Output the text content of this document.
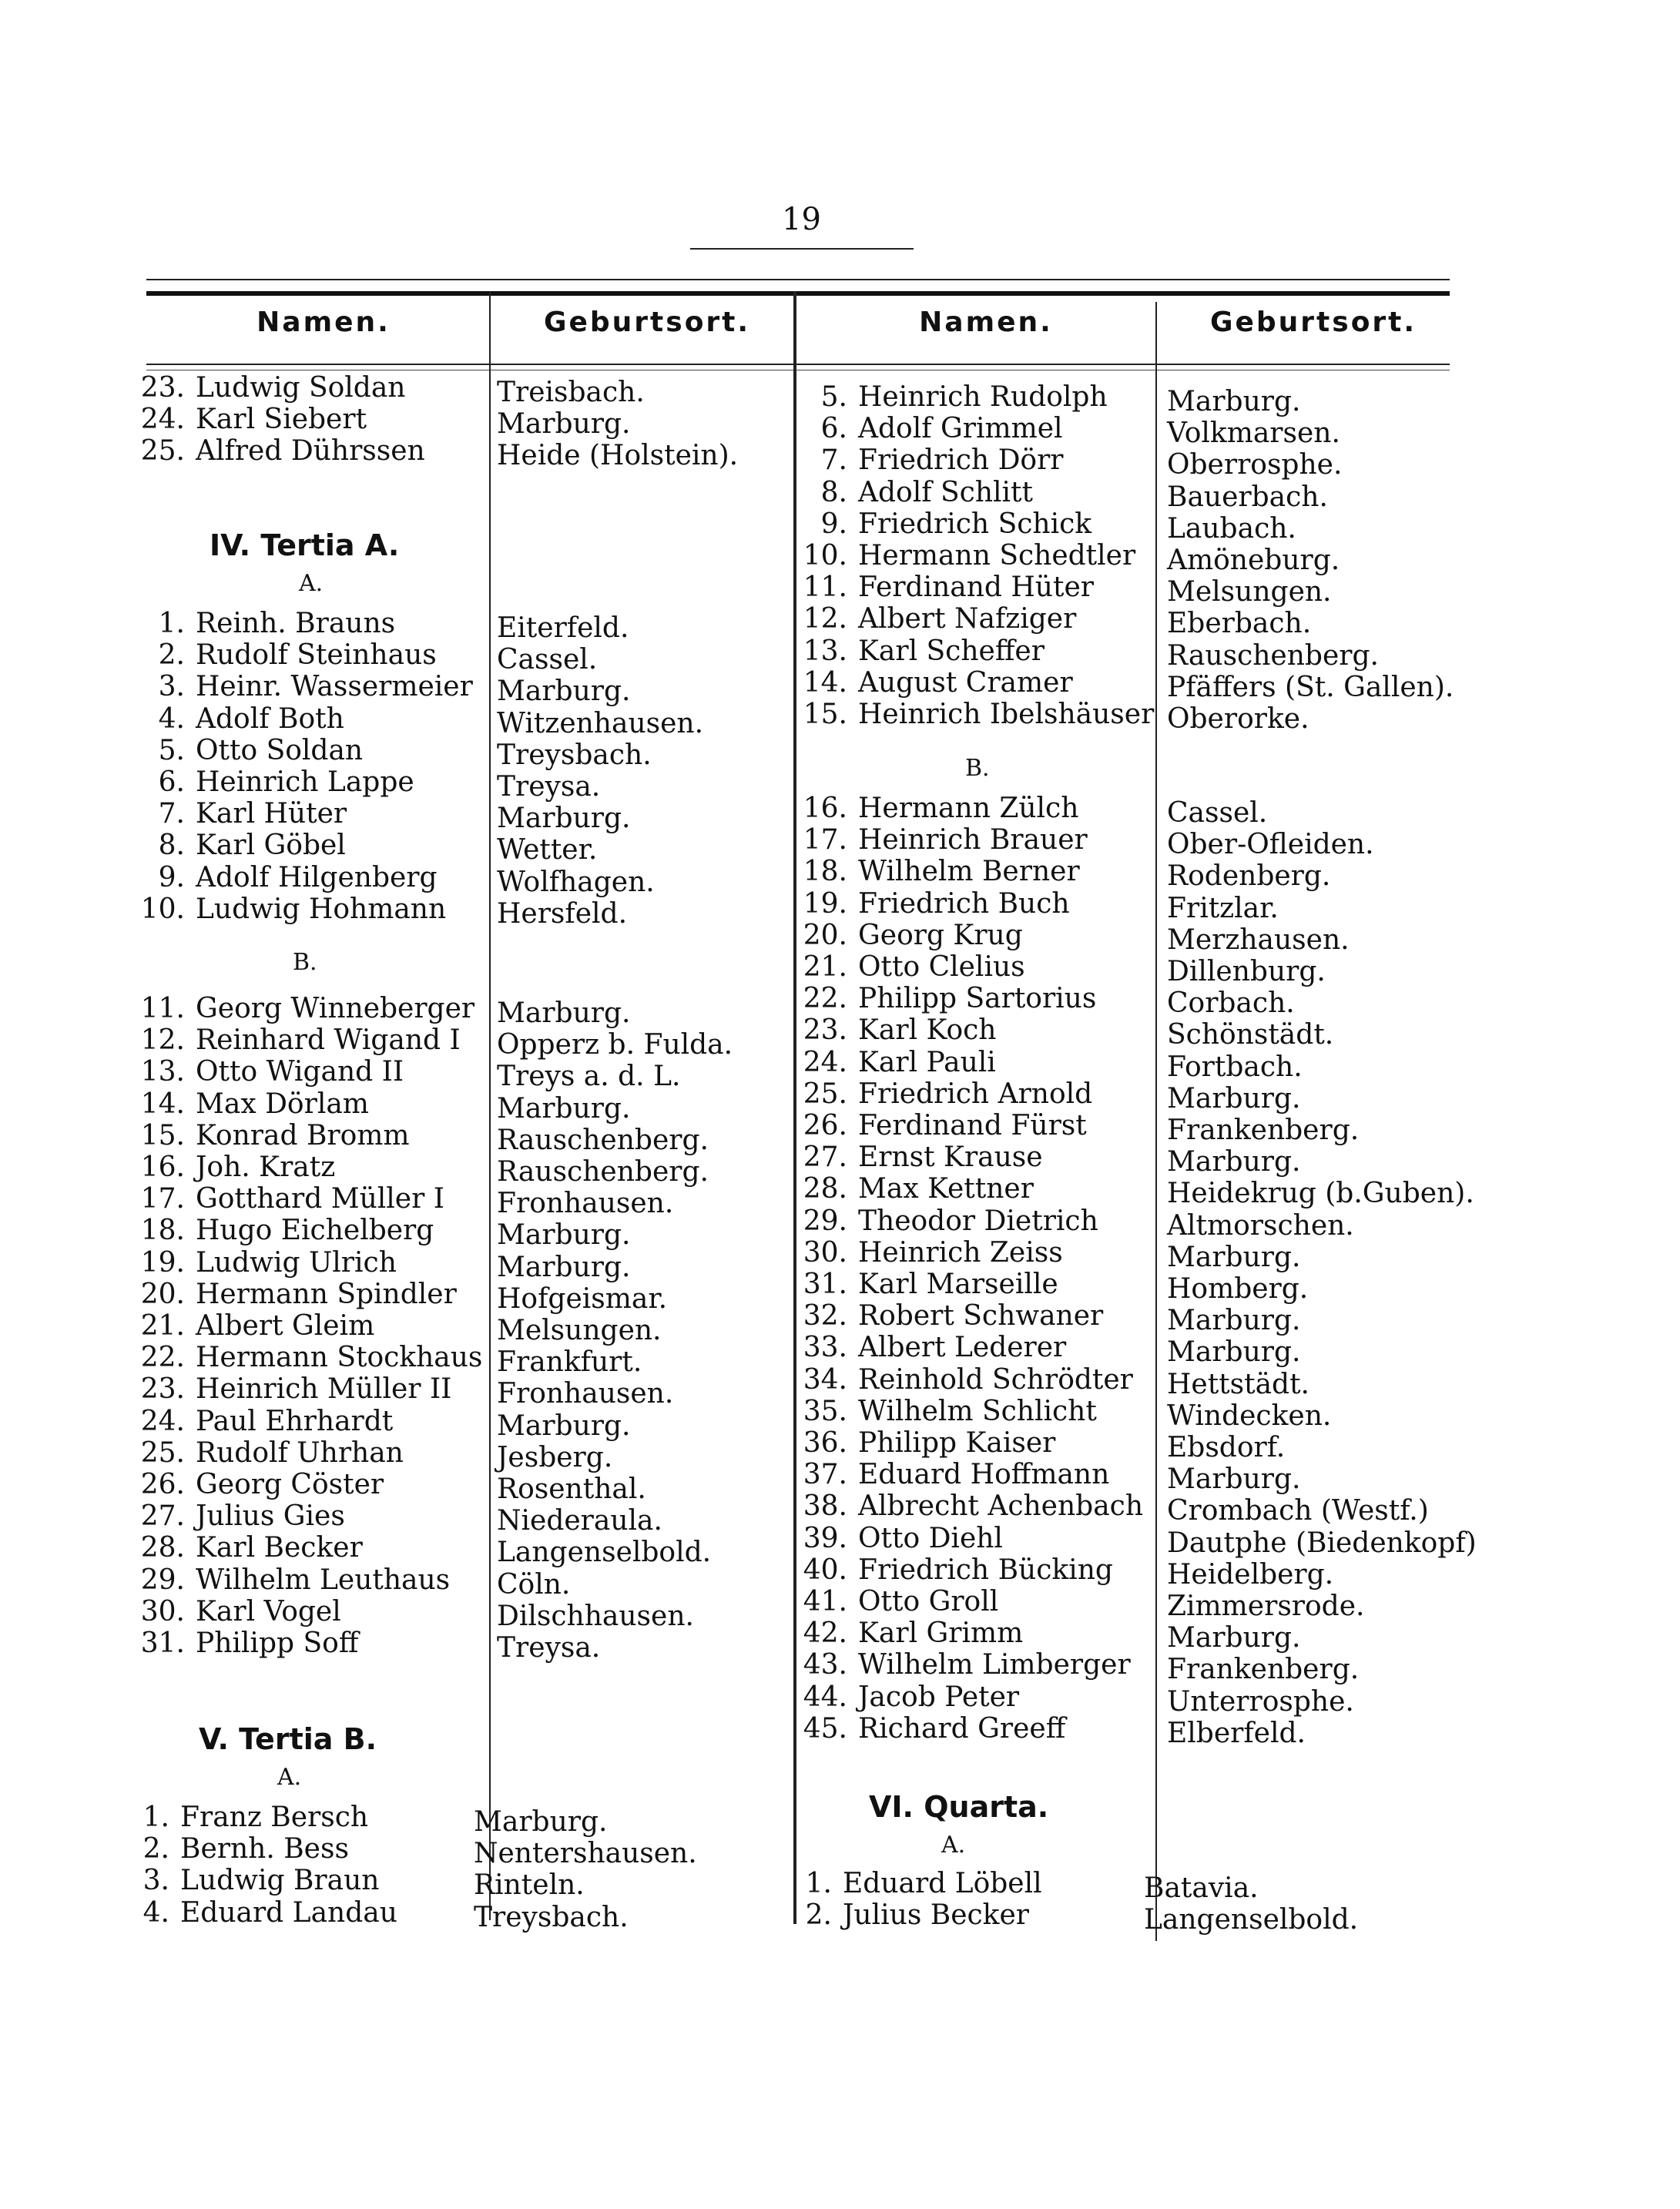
19
Namen.	Geburtsort.	Namen.	Geburtsort.
23. Ludwig Soldan	Treisbach.
24. Karl Siebert	Marburg.
25. Alfred Dührssen	Heide (Holstein).
IV. Tertia A.
A.
1. Reinh. Brauns	Eiterfeld.
2. Rudolf Steinhaus Cassel.
3. Heinr. Wassermeier Marburg.
4. Adolf Both	Witzenhausen.
5. Otto Soldan	Treysbach.
6. Heinrich Lappe	Treysa.
7. Karl Hüter	Marburg.
8. Karl Göbel	Wetter.
9. Adolf Hilgenberg Wolfhagen.
10. Ludwig Hohmann Hersfeld.
B.
11. Georg Winneberger Marburg.
12. Reinhard Wigand I Opperz b. Fulda.
13. Otto Wigand II	Treys a. d. L.
14. Max Dörlam	Marburg.
15. Konrad Bromm	Rauschenberg.
16. Joh. Kratz	Rauschenberg.
17. Gotthard Müller I Fronhausen.
18. Hugo Eichelberg Marburg.
19. Ludwig Ulrich	Marburg.
20. Hermann Spindler Hofgeismar.
21. Albert Gleim	Melsungen.
22. Hermann Stockhaus Frankfurt.
23. Heinrich Müller II Fronhausen.
24. Paul Ehrhardt	Marburg.
25. Rudolf Uhrhan	Jesberg.
26. Georg Cöster	Rosenthal.
27. Julius Gies	Niederaula.
28. Karl Becker	Langenselbold.
29. Wilhelm Leuthaus Cöln.
30. Karl Vogel	Dilschhausen.
31. Philipp Soff	Treysa.
V. Tertia B.
A.
1. Franz Bersch	Marburg.
2. Bernh. Bess	Nentershausen.
3. Ludwig Braun	Rinteln.
4. Eduard Landau	Treysbach.
5. Heinrich Rudolph Marburg.
6. Adolf Grimmel	Volkmarsen.
7. Friedrich Dörr	Oberrosphe.
8. Adolf Schlitt	Bauerbach.
9. Friedrich Schick	Laubach.
10. Hermann Schedtler Amöneburg.
11. Ferdinand Hüter	Melsungen.
12. Albert Nafziger	Eberbach.
13. Karl Scheffer	Rauschenberg.
14. August Cramer	Pfäffers (St. Gallen).
15. Heinrich Ibelshäuser Oberorke.
B.
16. Hermann Zülch	Cassel.
17. Heinrich Brauer	Ober-Ofleiden.
18. Wilhelm Berner	Rodenberg.
19. Friedrich Buch	Fritzlar.
20. Georg Krug	Merzhausen.
21. Otto Clelius	Dillenburg.
22. Philipp Sartorius	Corbach.
23. Karl Koch	Schönstädt.
24. Karl Pauli	Fortbach.
25. Friedrich Arnold	Marburg.
26. Ferdinand Fürst	Frankenberg.
27. Ernst Krause	Marburg.
28. Max Kettner	Heidekrug (b.Guben).
29. Theodor Dietrich Altmorschen.
30. Heinrich Zeiss	Marburg.
31. Karl Marseille	Homberg.
32. Robert Schwaner Marburg.
33. Albert Lederer	Marburg.
34. Reinhold Schrödter Hettstädt.
35. Wilhelm Schlicht	Windecken.
36. Philipp Kaiser	Ebsdorf.
37. Eduard Hoffmann Marburg.
38. Albrecht Achenbach Crombach (Westf.)
39. Otto Diehl	Dautphe (Biedenkopf)
40. Friedrich Bücking Heidelberg.
41. Otto Groll	Zimmersrode.
42. Karl Grimm	Marburg.
43. Wilhelm Limberger Frankenberg.
44. Jacob Peter	Unterrosphe.
45. Richard Greeff	Elberfeld.
VI. Quarta.
A.
1. Eduard Löbell	Batavia.
2. Julius Becker	Langenselbold.
